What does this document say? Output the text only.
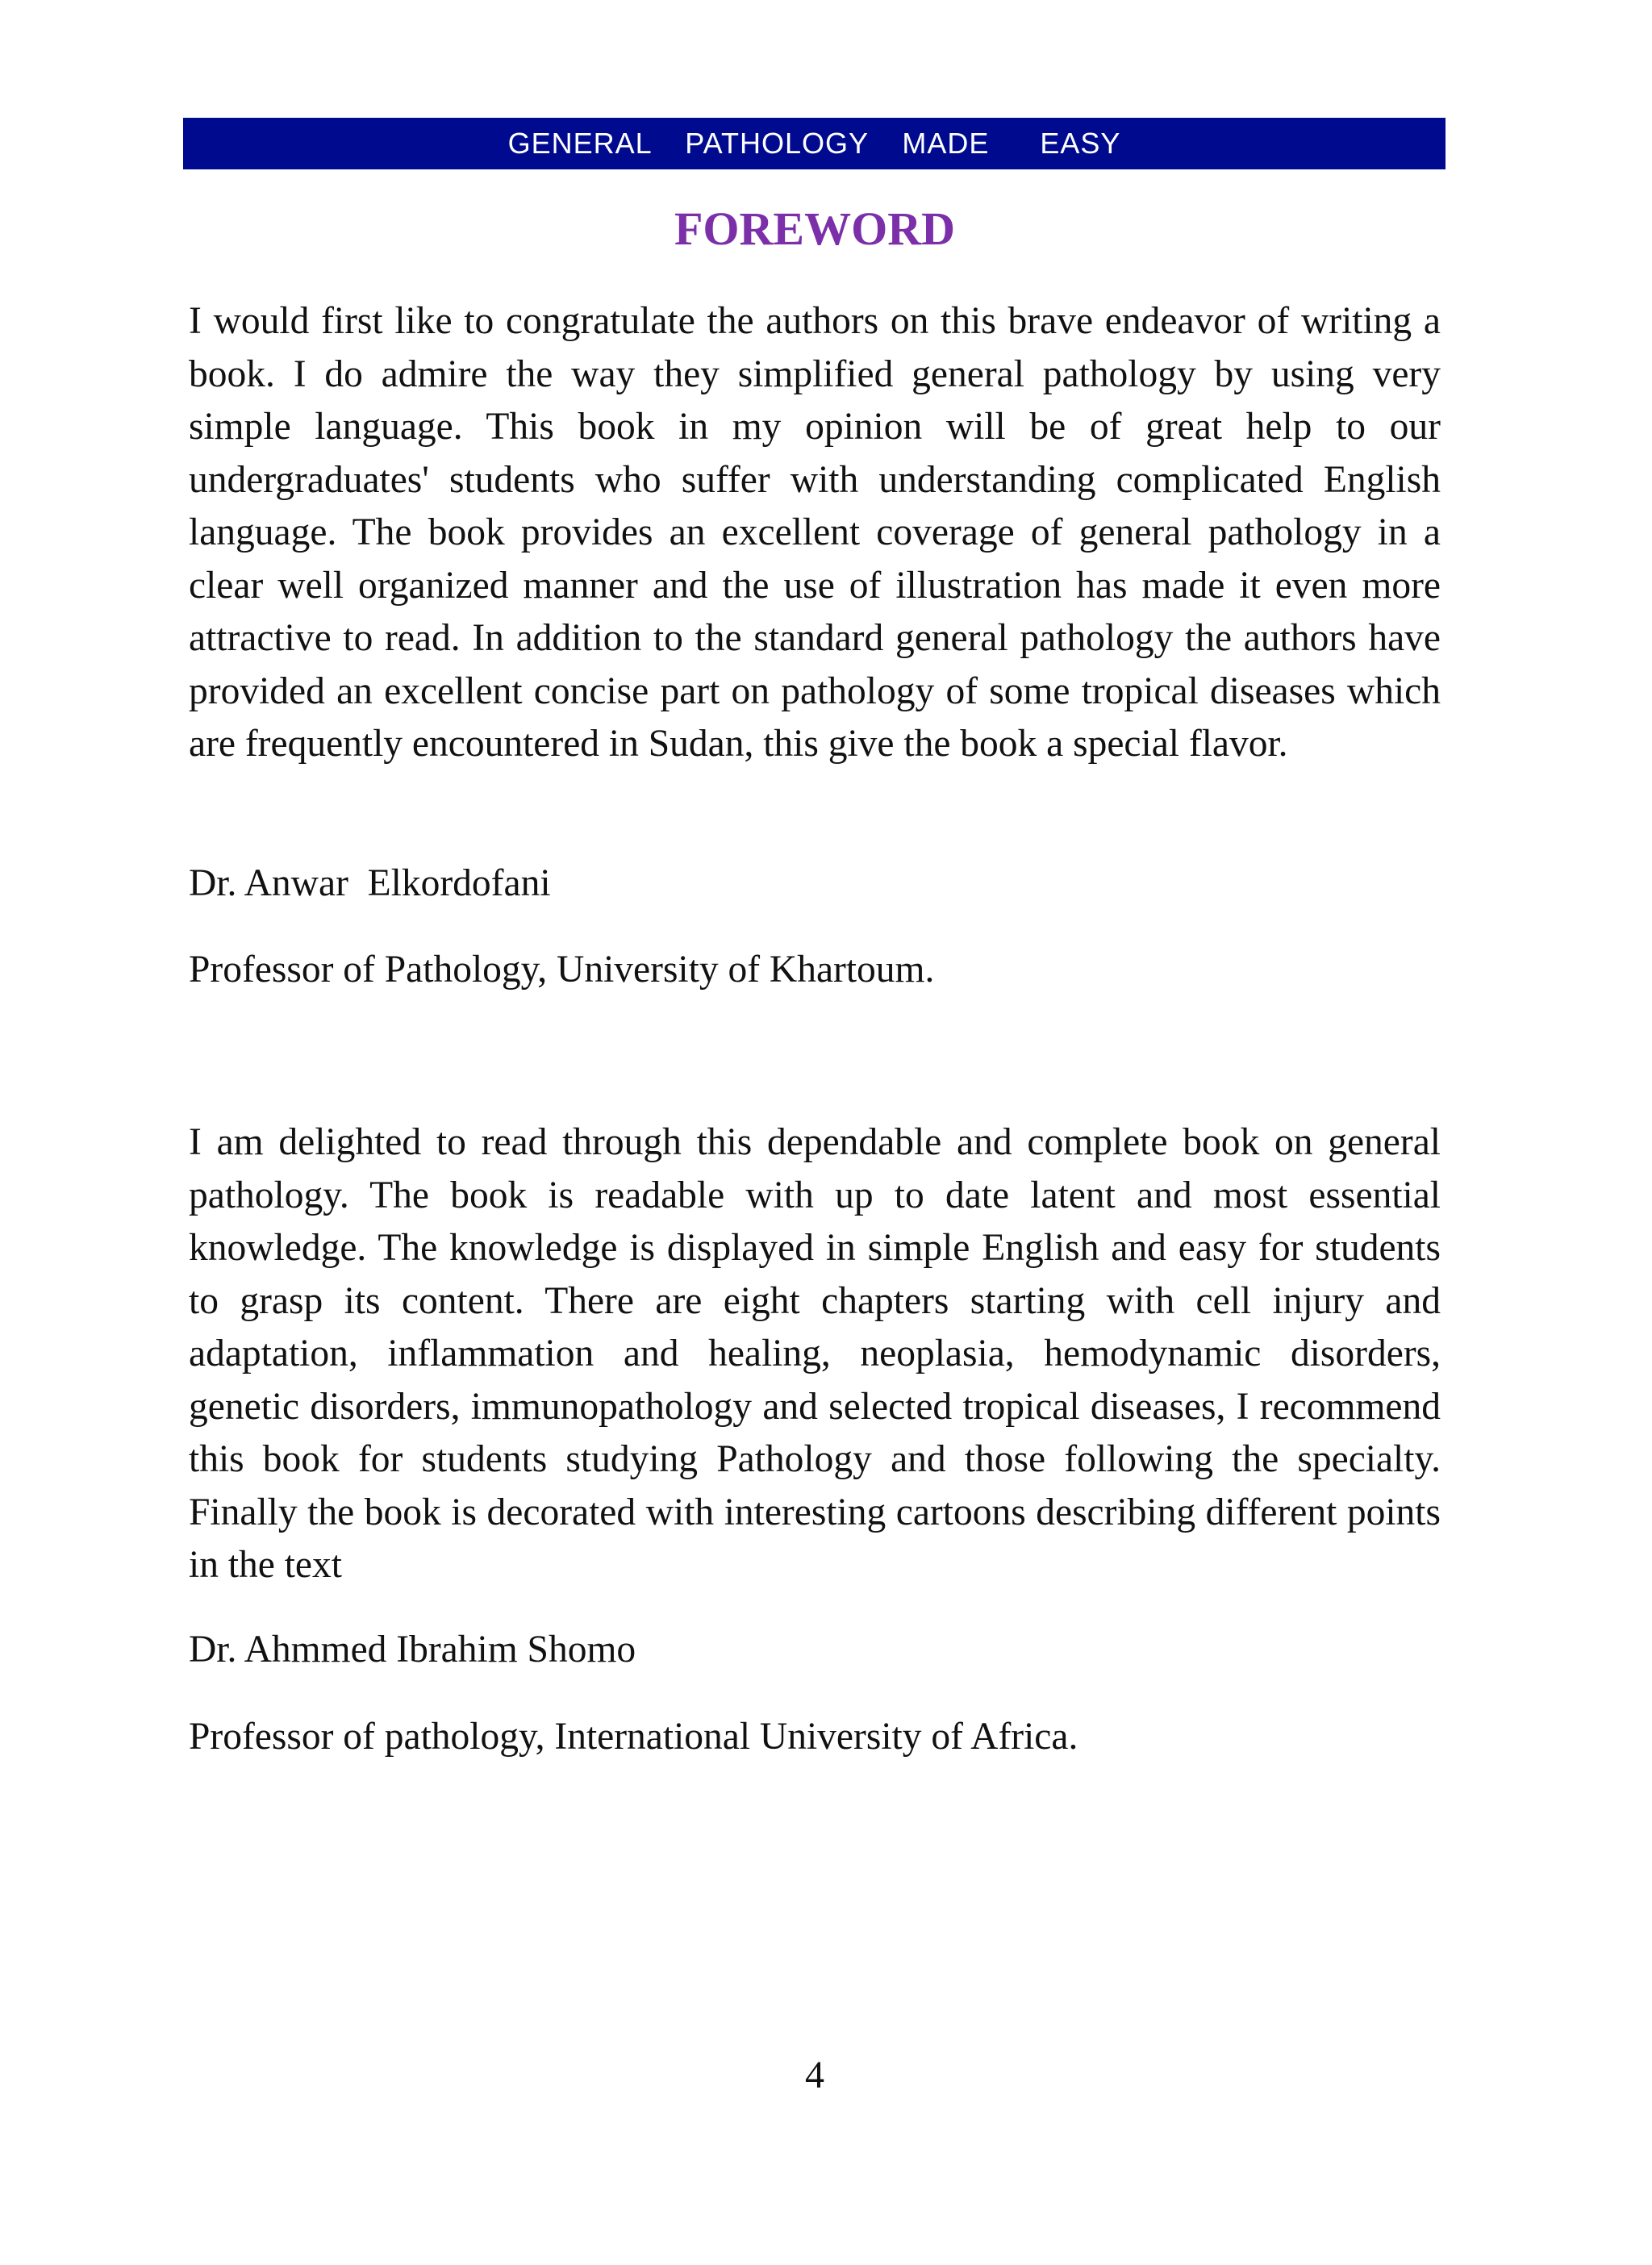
GENERAL  PATHOLOGY  MADE   EASY
FOREWORD

I would first like to congratulate the authors on this brave endeavor of writing a book. I do admire the way they simplified general pathology by using very simple language. This book in my opinion will be of great help to our undergraduates' students who suffer with understanding complicated English language. The book provides an excellent coverage of general pathology in a clear well organized manner and the use of illustration has made it even more attractive to read. In addition to the standard general pathology the authors have provided an excellent concise part on pathology of some tropical diseases which are frequently encountered in Sudan, this give the book a special flavor.

Dr. Anwar  Elkordofani

Professor of Pathology, University of Khartoum.

I am delighted to read through this dependable and complete book on general pathology. The book is readable with up to date latent and most essential knowledge. The knowledge is displayed in simple English and easy for students to grasp its content. There are eight chapters starting with cell injury and adaptation, inflammation and healing, neoplasia, hemodynamic disorders, genetic disorders, immunopathology and selected tropical diseases, I recommend this book for students studying Pathology and those following the specialty. Finally the book is decorated with interesting cartoons describing different points in the text

Dr. Ahmmed Ibrahim Shomo

Professor of pathology, International University of Africa.

4
